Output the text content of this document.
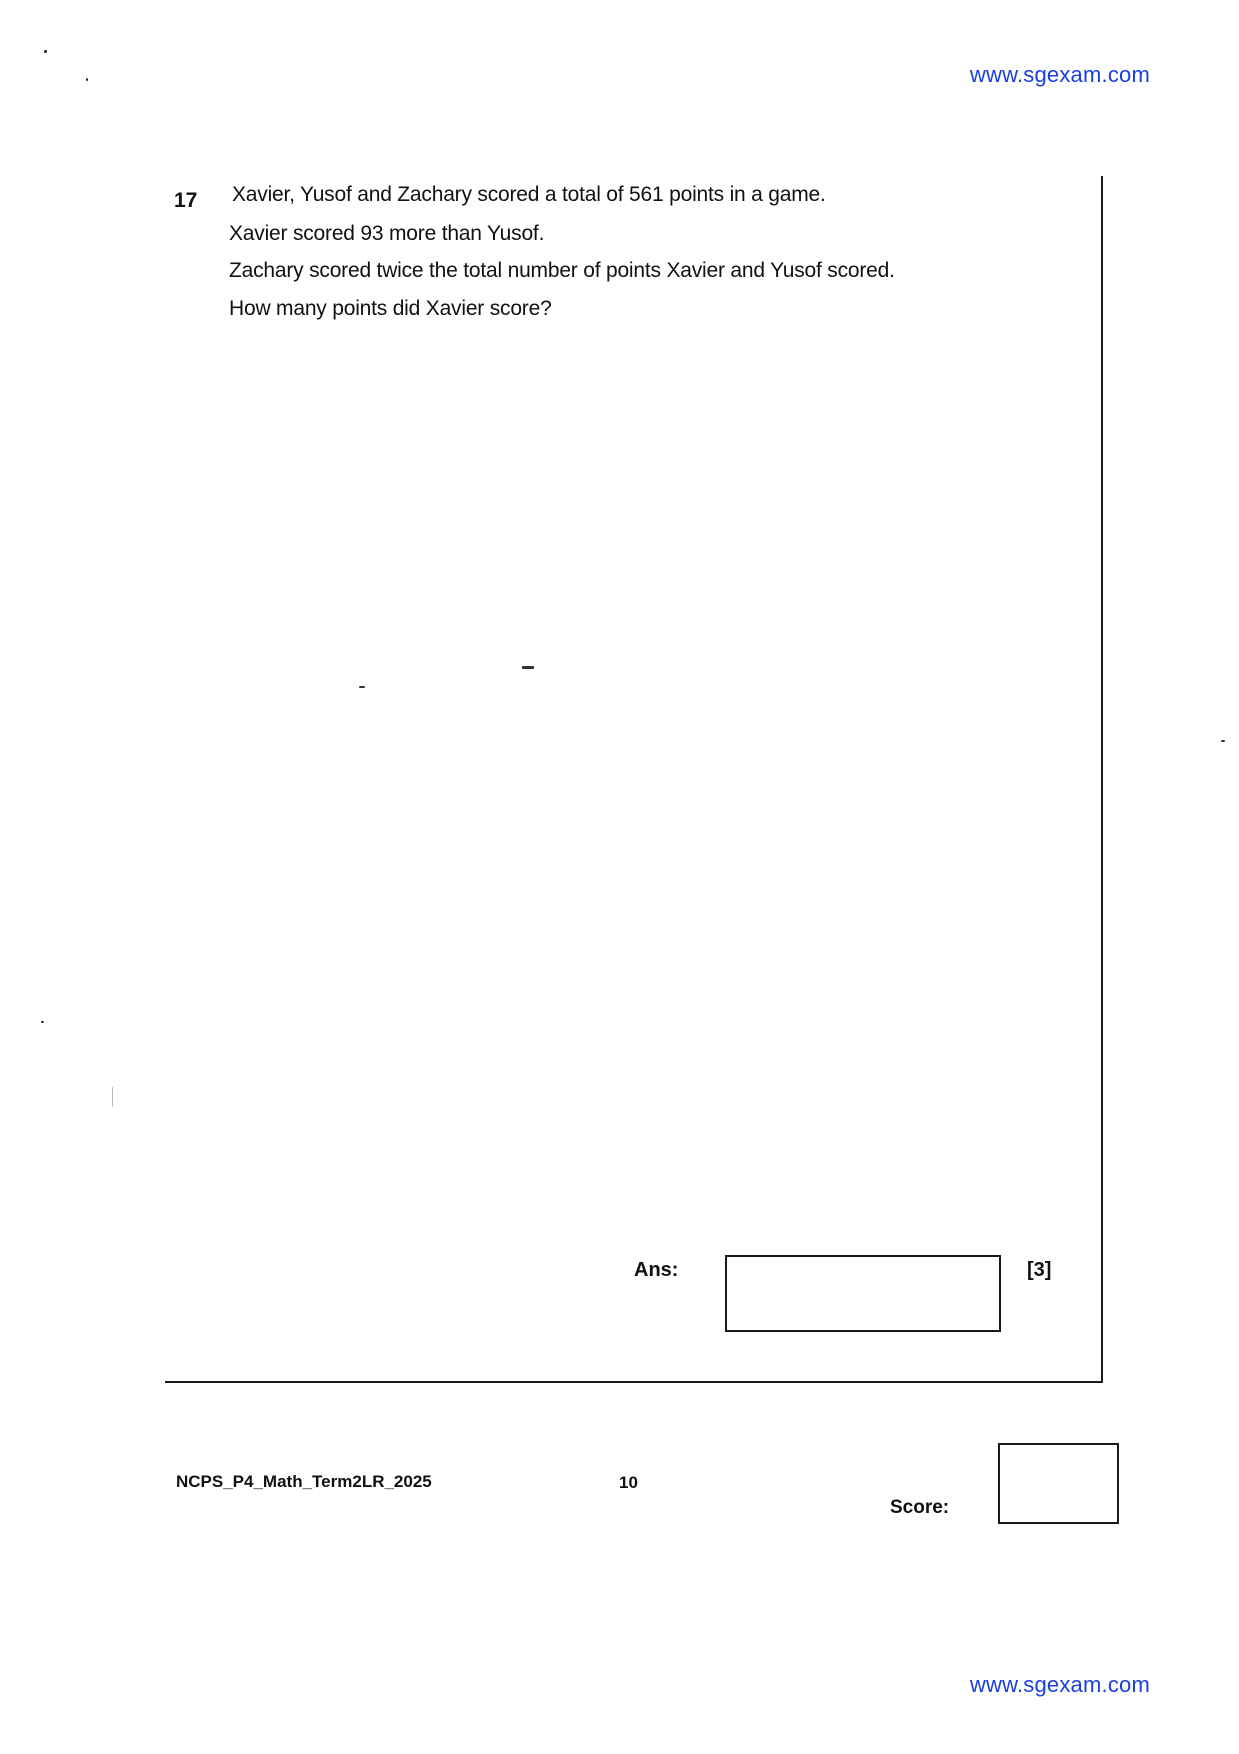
www.sgexam.com
17 Xavier, Yusof and Zachary scored a total of 561 points in a game.
Xavier scored 93 more than Yusof.
Zachary scored twice the total number of points Xavier and Yusof scored.
How many points did Xavier score?
Ans:	[3]
NCPS_P4_Math_Term2LR_2025	10
Score:
www.sgexam.com
